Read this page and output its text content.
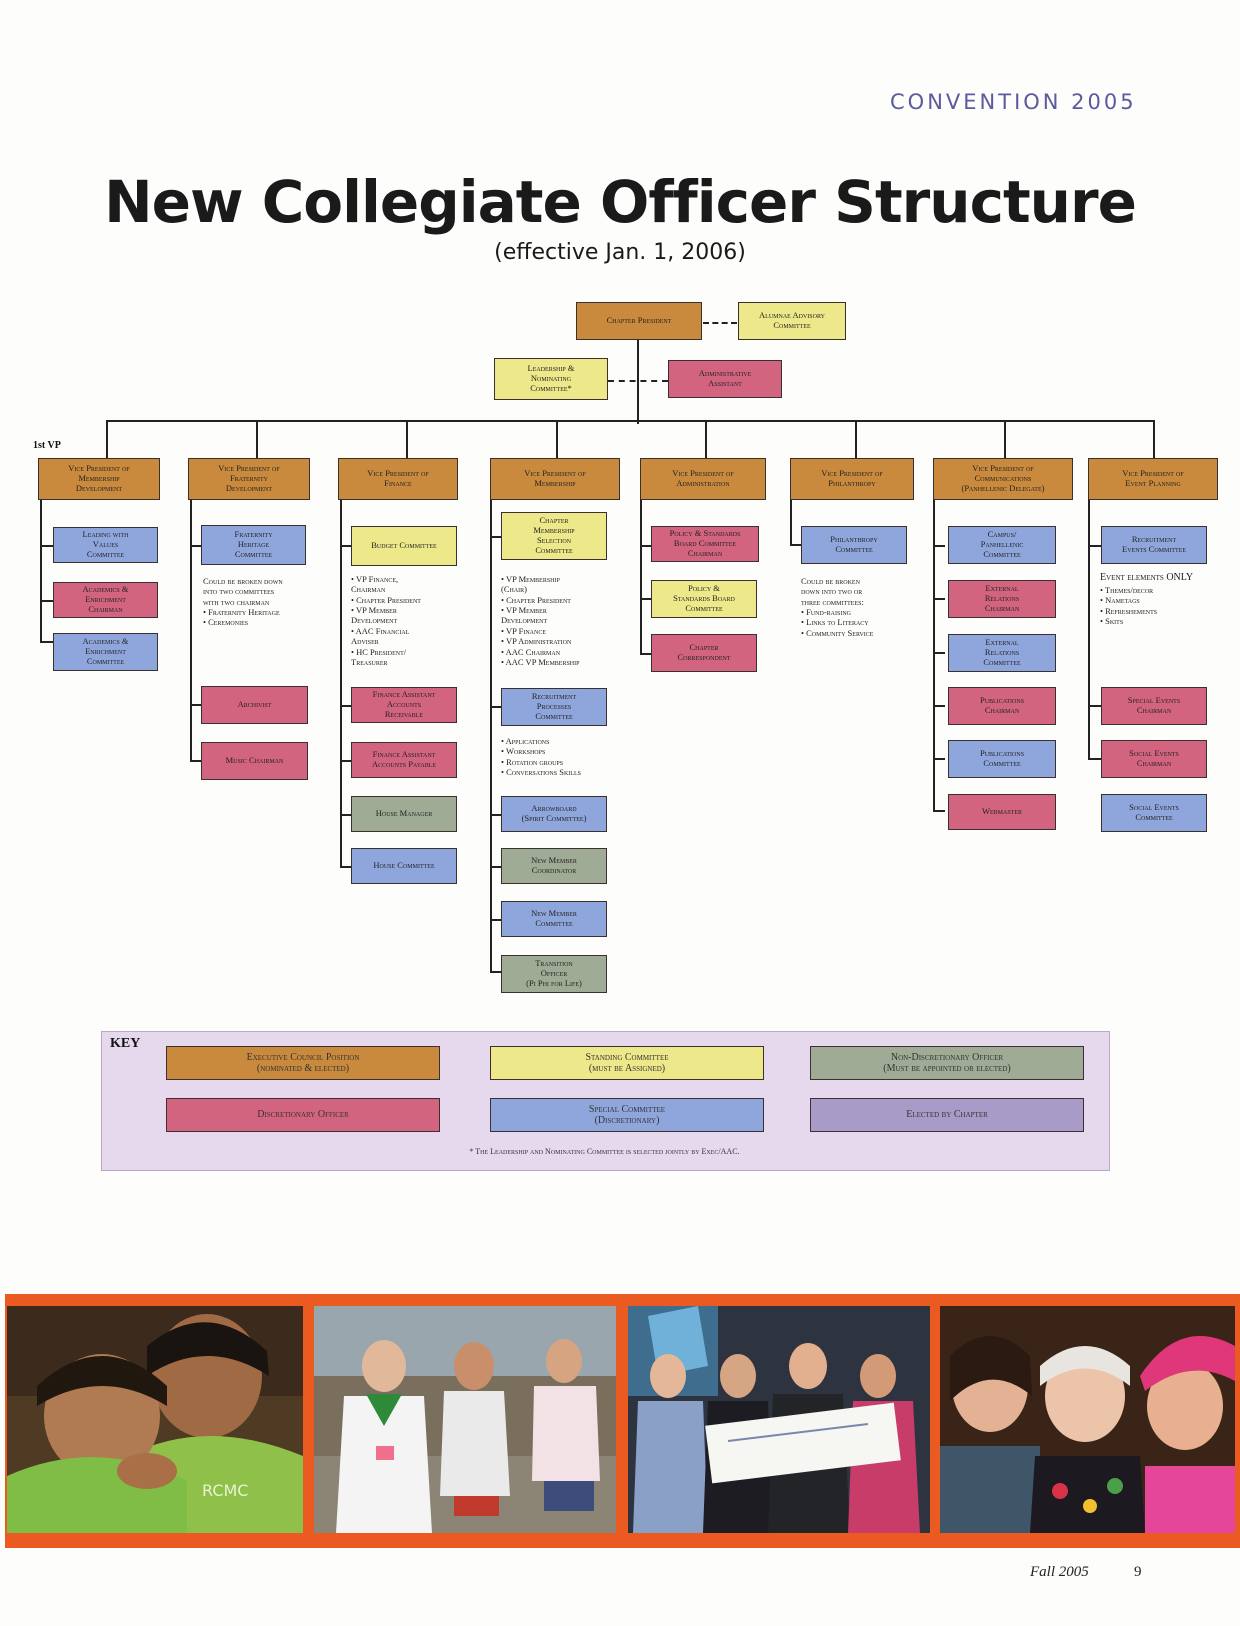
CONVENTION 2005
New Collegiate Officer Structure
(effective Jan. 1, 2006)
Chapter President	Alumnae Advisory
Committee
Leadership &
Nominating
Committee*
Administrative
Assistant
1st VP
Vice President of
Membership
Development
Leading with
Values
Committee
Academics &
Enrichment
Chairman
Academics &
Enrichment
Committee
Vice President of
Fraternity
Development
Fraternity
Heritage
Committee
Could be broken down
into two committees
with two chairman
• Fraternity Heritage
• Ceremonies
Archivist
Music Chairman
Vice President of
Finance
Budget Committee
• VP Finance,
Chairman
• Chapter President
• VP Member
Development
• AAC Financial
Adviser
• HC President/
Treasurer
Finance Assistant
Accounts
Receivable
Finance Assistant
Accounts Payable
House Manager
House Committee
Vice President of
Membership
Chapter
Membership
Selection
Committee
• VP Membership
(Chair)
• Chapter President
• VP Member
Development
• VP Finance
• VP Administration
• AAC Chairman
• AAC VP Membership
Recruitment
Processes
Committee
• Applications
• Workshops
• Rotation groups
• Conversations Skills
Arrowboard
(Spirit Committee)
New Member
Coordinator
New Member
Committee
Transition
Officer
(Pi Phi for Life)
Vice President of
Administration
Policy & Standards
Board Committee
Chairman
Policy &
Standards Board
Committee
Chapter
Correspondent
Vice President of
Philanthropy
Philanthropy
Committee
Could be broken
down into two or
three committees:
• Fund-raising
• Links to Literacy
• Community Service
Vice President of
Communications
(Panhellenic Delegate)
Campus/
Panhellenic
Committee
External
Relations
Chairman
External
Relations
Committee
Publications
Chairman
Publications
Committee
Webmaster
Vice President of
Event Planning
Recruitment
Events Committee
Event elements ONLY
• Themes/decor
• Nametags
• Refreshements
• Skits
Special Events
Chairman
Social Events
Chairman
Social Events
Committee
KEY
Executive Council Position
(nominated & elected)
Standing Committee
(must be Assigned)
Non-Discretionary Officer
(Must be appointed or elected)
Discretionary Officer
Special Committee
(Discretionary)
Elected by Chapter
* The Leadership and Nominating Committee is selected jointly by Exec/AAC.
RCMC
Fall 2005	9
